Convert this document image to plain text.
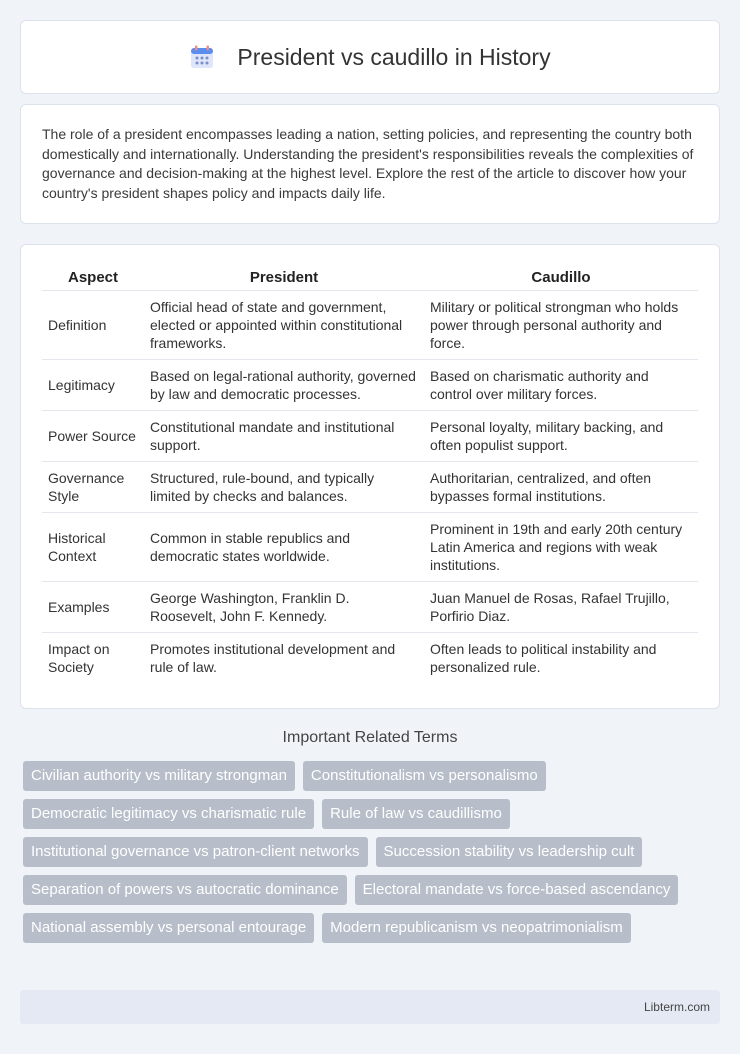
President vs caudillo in History

The role of a president encompasses leading a nation, setting policies, and representing the country both domestically and internationally. Understanding the president's responsibilities reveals the complexities of governance and decision-making at the highest level. Explore the rest of the article to discover how your country's president shapes policy and impacts daily life.

Aspect	President	Caudillo
Definition	Official head of state and government, elected or appointed within constitutional frameworks.	Military or political strongman who holds power through personal authority and force.
Legitimacy	Based on legal-rational authority, governed by law and democratic processes.	Based on charismatic authority and control over military forces.
Power Source	Constitutional mandate and institutional support.	Personal loyalty, military backing, and often populist support.
Governance Style	Structured, rule-bound, and typically limited by checks and balances.	Authoritarian, centralized, and often bypasses formal institutions.
Historical Context	Common in stable republics and democratic states worldwide.	Prominent in 19th and early 20th century Latin America and regions with weak institutions.
Examples	George Washington, Franklin D. Roosevelt, John F. Kennedy.	Juan Manuel de Rosas, Rafael Trujillo, Porfirio Diaz.
Impact on Society	Promotes institutional development and rule of law.	Often leads to political instability and personalized rule.
Important Related Terms
Civilian authority vs military strongman	Constitutionalism vs personalismo
Democratic legitimacy vs charismatic rule	Rule of law vs caudillismo
Institutional governance vs patron-client networks	Succession stability vs leadership cult
Separation of powers vs autocratic dominance	Electoral mandate vs force-based ascendancy
National assembly vs personal entourage	Modern republicanism vs neopatrimonialism
Libterm.com
